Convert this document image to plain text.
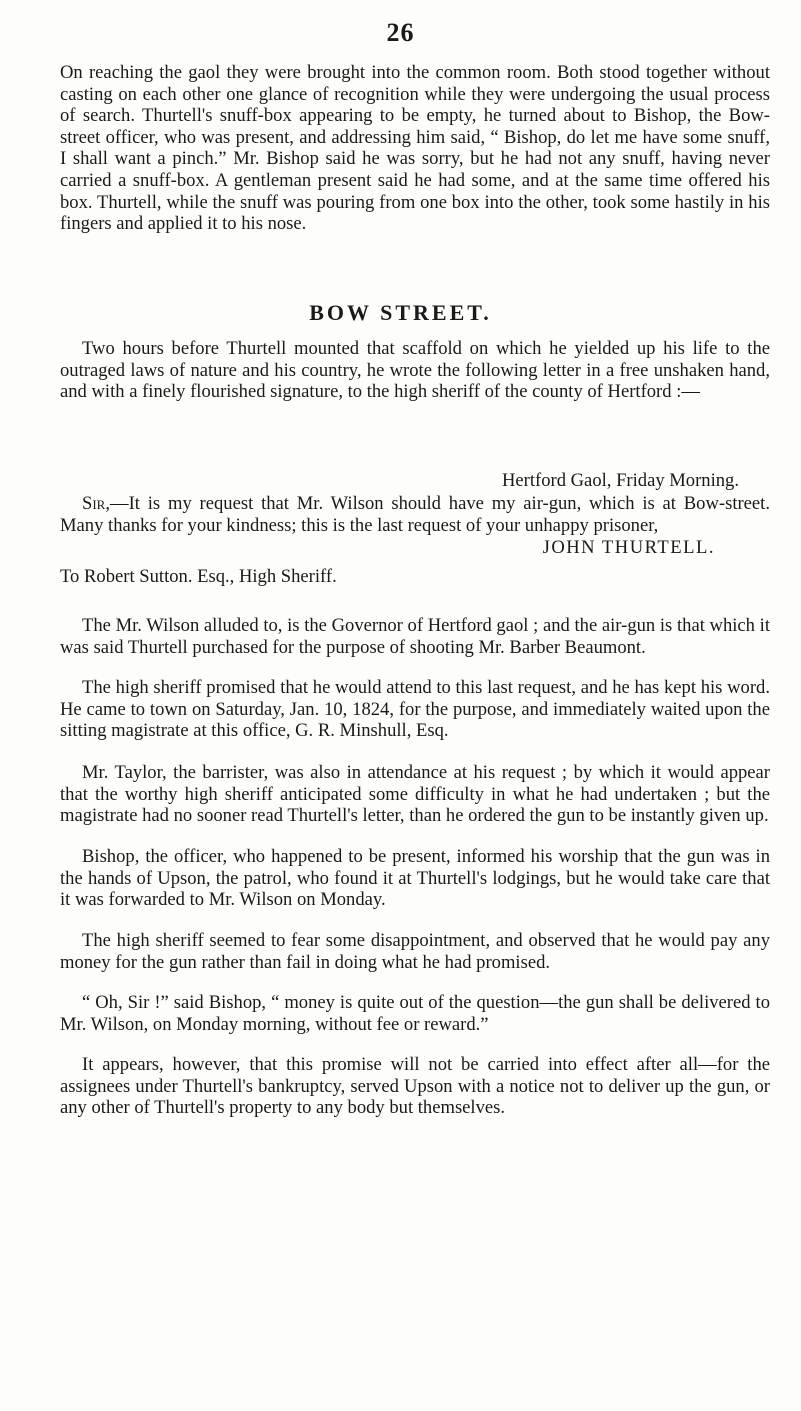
26
On reaching the gaol they were brought into the common room. Both stood together without casting on each other one glance of recognition while they were undergoing the usual process of search. Thurtell's snuff-box appearing to be empty, he turned about to Bishop, the Bow-street officer, who was present, and addressing him said, “ Bishop, do let me have some snuff, I shall want a pinch.” Mr. Bishop said he was sorry, but he had not any snuff, having never carried a snuff-box. A gentleman present said he had some, and at the same time offered his box. Thurtell, while the snuff was pouring from one box into the other, took some hastily in his fingers and applied it to his nose.
BOW STREET.
Two hours before Thurtell mounted that scaffold on which he yielded up his life to the outraged laws of nature and his country, he wrote the following letter in a free unshaken hand, and with a finely flourished signature, to the high sheriff of the county of Hertford :—
Hertford Gaol, Friday Morning.
Sir,—It is my request that Mr. Wilson should have my air-gun, which is at Bow-street. Many thanks for your kindness; this is the last request of your unhappy prisoner,
JOHN THURTELL.
To Robert Sutton. Esq., High Sheriff.
The Mr. Wilson alluded to, is the Governor of Hertford gaol ; and the air-gun is that which it was said Thurtell purchased for the purpose of shooting Mr. Barber Beaumont.
The high sheriff promised that he would attend to this last request, and he has kept his word. He came to town on Saturday, Jan. 10, 1824, for the purpose, and immediately waited upon the sitting magistrate at this office, G. R. Minshull, Esq.
Mr. Taylor, the barrister, was also in attendance at his request ; by which it would appear that the worthy high sheriff anticipated some difficulty in what he had undertaken ; but the magistrate had no sooner read Thurtell's letter, than he ordered the gun to be instantly given up.
Bishop, the officer, who happened to be present, informed his worship that the gun was in the hands of Upson, the patrol, who found it at Thurtell's lodgings, but he would take care that it was forwarded to Mr. Wilson on Monday.
The high sheriff seemed to fear some disappointment, and observed that he would pay any money for the gun rather than fail in doing what he had promised.
“ Oh, Sir !” said Bishop, “ money is quite out of the question—the gun shall be delivered to Mr. Wilson, on Monday morning, without fee or reward.”
It appears, however, that this promise will not be carried into effect after all—for the assignees under Thurtell's bankruptcy, served Upson with a notice not to deliver up the gun, or any other of Thurtell's property to any body but themselves.
